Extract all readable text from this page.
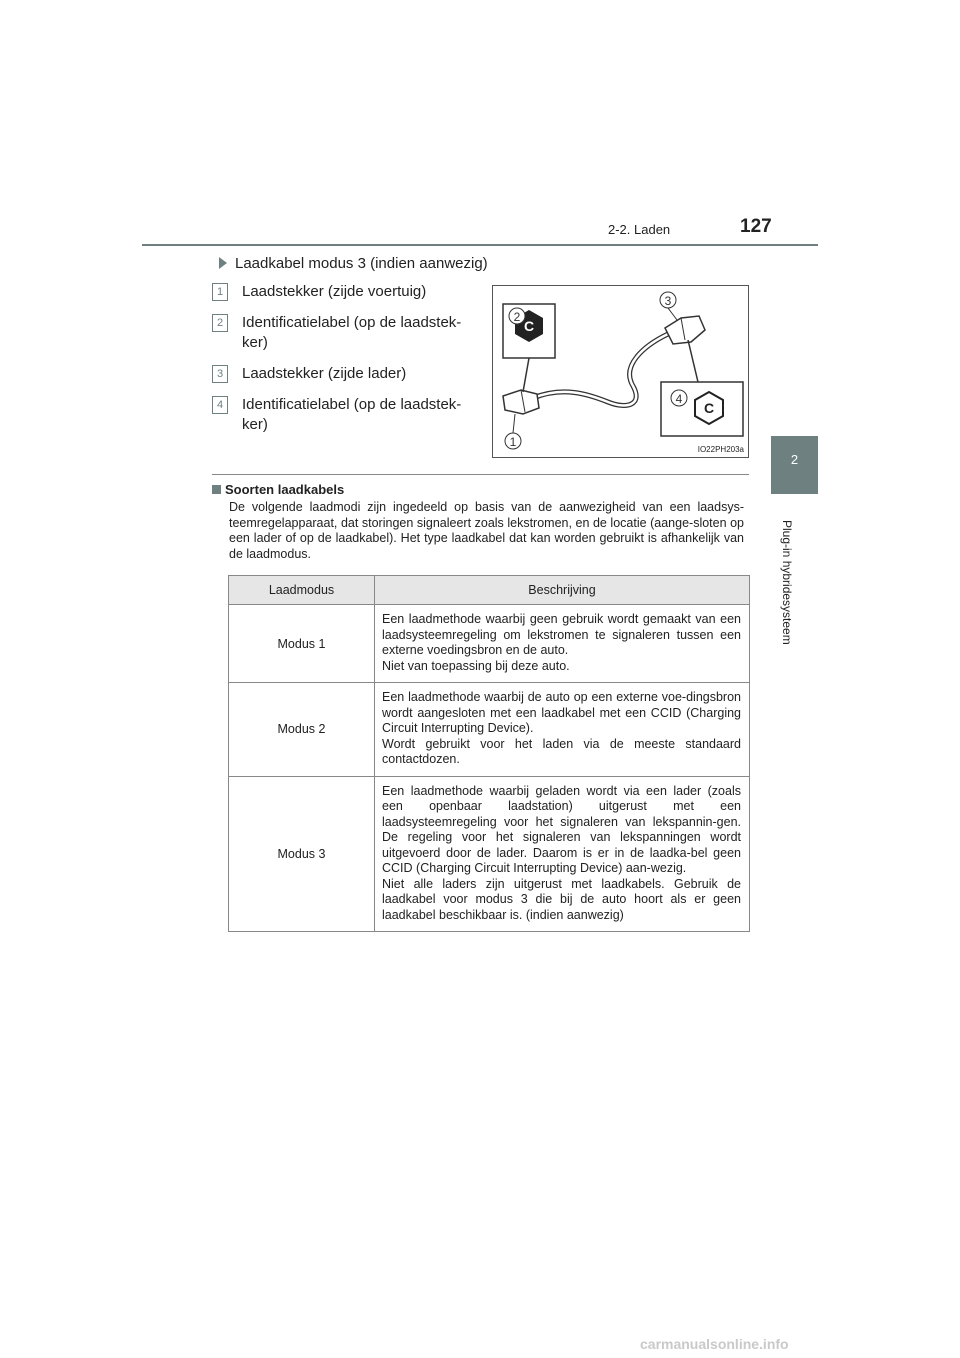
2-2. Laden	127
2
Plug-in hybridesysteem
Laadkabel modus 3 (indien aanwezig)
1	Laadstekker (zijde voertuig)
2	Identificatielabel (op de laadstek-ker)
3	Laadstekker (zijde lader)
4	Identificatielabel (op de laadstek-ker)
C
C
1
2
3
4
IO22PH203a
Soorten laadkabels
De volgende laadmodi zijn ingedeeld op basis van de aanwezigheid van een laadsys-teemregelapparaat, dat storingen signaleert zoals lekstromen, en de locatie (aange-sloten op een lader of op de laadkabel). Het type laadkabel dat kan worden gebruikt is afhankelijk van de laadmodus.
Laadmodus	Beschrijving
Modus 1	Een laadmethode waarbij geen gebruik wordt gemaakt van een laadsysteemregeling om lekstromen te signaleren tussen een externe voedingsbron en de auto.

Niet van toepassing bij deze auto.

Modus 2	Een laadmethode waarbij de auto op een externe voe-dingsbron wordt aangesloten met een laadkabel met een CCID (Charging Circuit Interrupting Device).

Wordt gebruikt voor het laden via de meeste standaard contactdozen.

Modus 3	Een laadmethode waarbij geladen wordt via een lader (zoals een openbaar laadstation) uitgerust met een laadsysteemregeling voor het signaleren van lekspannin-gen. De regeling voor het signaleren van lekspanningen wordt uitgevoerd door de lader. Daarom is er in de laadka-bel geen CCID (Charging Circuit Interrupting Device) aan-wezig.

Niet alle laders zijn uitgerust met laadkabels. Gebruik de laadkabel voor modus 3 die bij de auto hoort als er geen laadkabel beschikbaar is. (indien aanwezig)

carmanualsonline.info
